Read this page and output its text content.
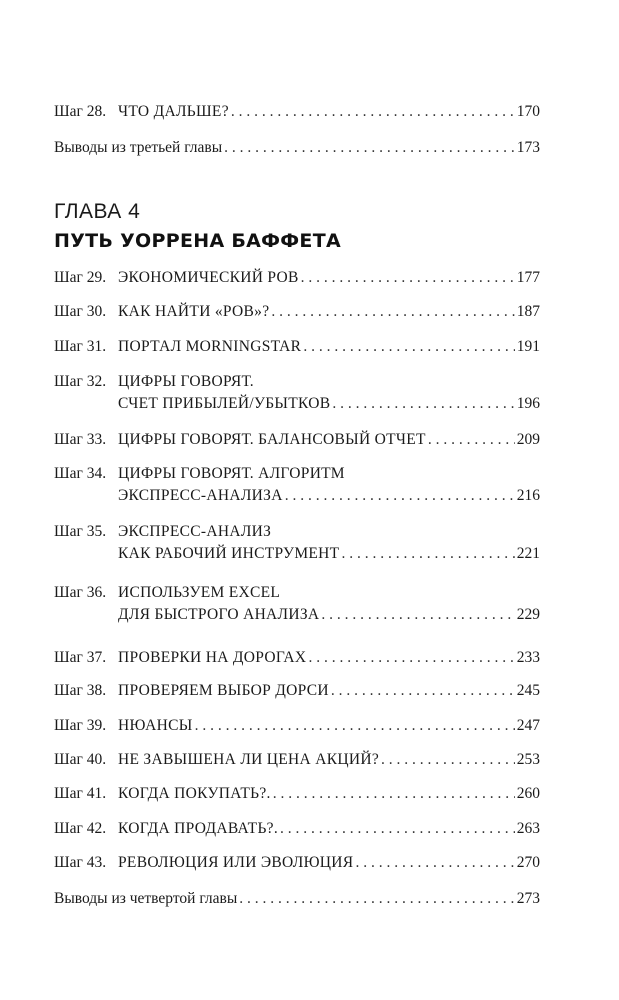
Шаг 28. ЧТО ДАЛЬШЕ? . . .	170
Выводы из третьей главы . . .	173
ГЛАВА 4
ПУТЬ УОРРЕНА БАФФЕТА
Шаг 29. ЭКОНОМИЧЕСКИЙ РОВ . . .	177
Шаг 30. КАК НАЙТИ «РОВ»? . . .	187
Шаг 31. ПОРТАЛ MORNINGSTAR . . .	191
Шаг 32. ЦИФРЫ ГОВОРЯТ.
СЧЕТ ПРИБЫЛЕЙ/УБЫТКОВ . . .	196
Шаг 33. ЦИФРЫ ГОВОРЯТ. БАЛАНСОВЫЙ ОТЧЕТ . . .	209
Шаг 34. ЦИФРЫ ГОВОРЯТ. АЛГОРИТМ
ЭКСПРЕСС-АНАЛИЗА . . .	216
Шаг 35. ЭКСПРЕСС-АНАЛИЗ
КАК РАБОЧИЙ ИНСТРУМЕНТ . . .	221
Шаг 36. ИСПОЛЬЗУЕМ EXCEL
ДЛЯ БЫСТРОГО АНАЛИЗА . . .	229
Шаг 37. ПРОВЕРКИ НА ДОРОГАХ . . .	233
Шаг 38. ПРОВЕРЯЕМ ВЫБОР ДОРСИ . . .	245
Шаг 39. НЮАНСЫ . . .	247
Шаг 40. НЕ ЗАВЫШЕНА ЛИ ЦЕНА АКЦИЙ? . . .	253
Шаг 41. КОГДА ПОКУПАТЬ?. . . .	260
Шаг 42. КОГДА ПРОДАВАТЬ?. . . .	263
Шаг 43. РЕВОЛЮЦИЯ ИЛИ ЭВОЛЮЦИЯ . . .	270
Выводы из четвертой главы . . .	273
